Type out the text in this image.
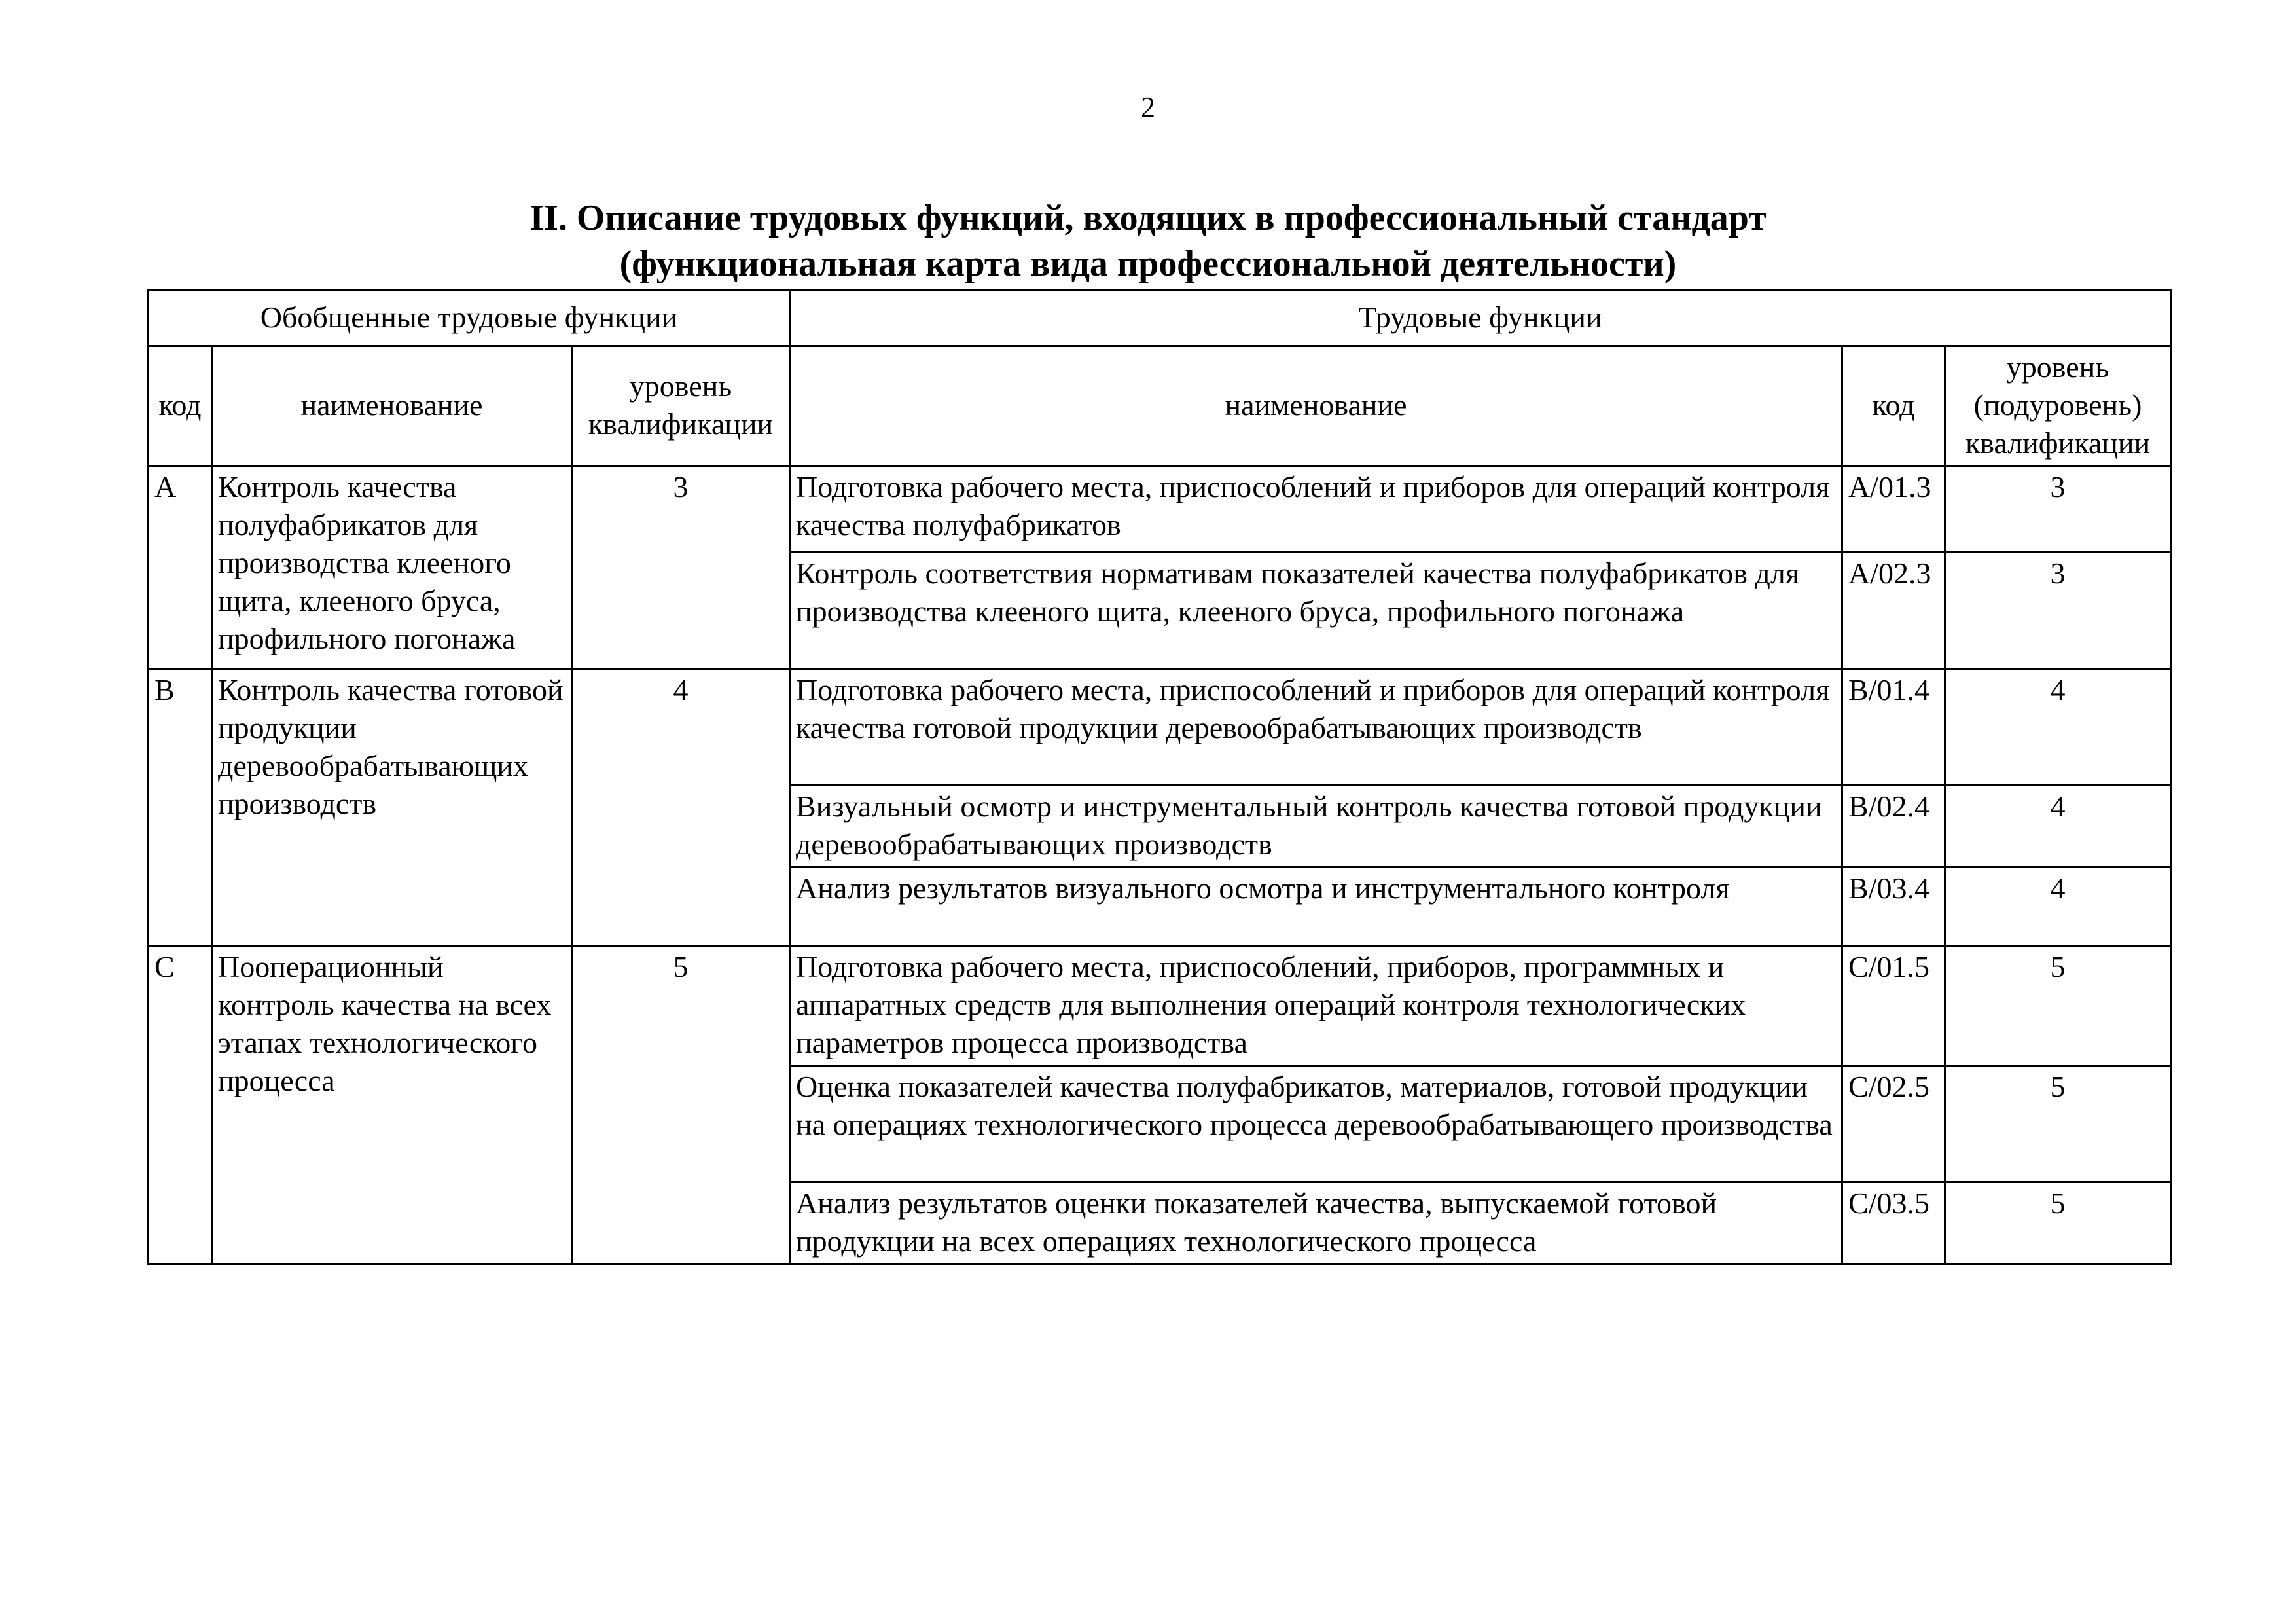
2
II. Описание трудовых функций, входящих в профессиональный стандарт
(функциональная карта вида профессиональной деятельности)
Обобщенные трудовые функции			Трудовые функции		
код	наименование	уровень квалификации	наименование	код	уровень (подуровень) квалификации
А	Контроль качества полуфабрикатов для производства клееного щита, клееного бруса, профильного погонажа	3	Подготовка рабочего места, приспособлений и приборов для операций контроля качества полуфабрикатов	А/01.3	3
			Контроль соответствия нормативам показателей качества полуфабрикатов для производства клееного щита, клееного бруса, профильного погонажа	А/02.3	3
В	Контроль качества готовой продукции деревообрабатывающих производств	4	Подготовка рабочего места, приспособлений и приборов для операций контроля качества готовой продукции деревообрабатывающих производств	В/01.4	4
			Визуальный осмотр и инструментальный контроль качества готовой продукции деревообрабатывающих производств	В/02.4	4
			Анализ результатов визуального осмотра и инструментального контроля	В/03.4	4
С	Пооперационный контроль качества на всех этапах технологического процесса	5	Подготовка рабочего места, приспособлений, приборов, программных и аппаратных средств для выполнения операций контроля технологических параметров процесса производства	С/01.5	5
			Оценка показателей качества полуфабрикатов, материалов, готовой продукции на операциях технологического процесса деревообрабатывающего производства	С/02.5	5
			Анализ результатов оценки показателей качества, выпускаемой готовой продукции на всех операциях технологического процесса	С/03.5	5
